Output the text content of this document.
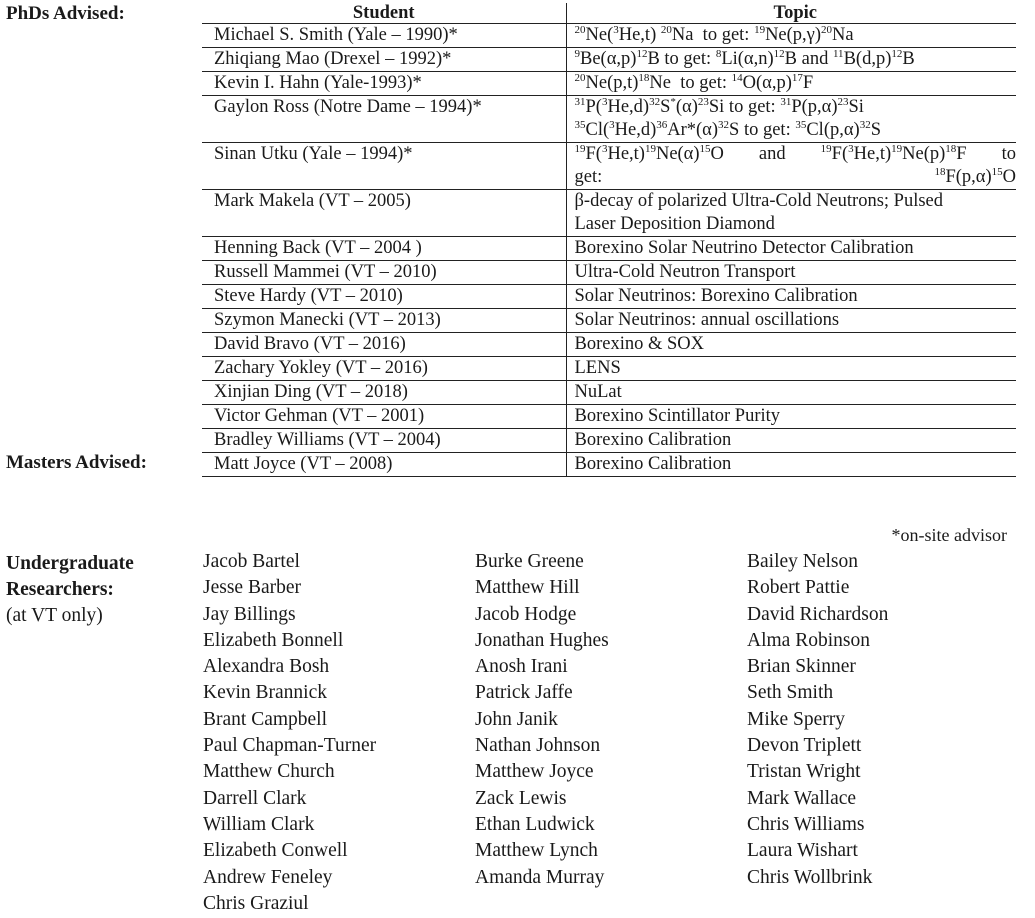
PhDs Advised:
Masters Advised:
Student	Topic
Michael S. Smith (Yale – 1990)*	$^{20}$Ne($^3$He,t) $^{20}$Na  to get: $^{19}Ne(p,\gamma)^{20}Na$
Zhiqiang Mao (Drexel – 1992)*	$^9Be(\alpha,p)^{12}B$ to get: $^8Li(\alpha,n)^{12}B$ and $^{11}B(d,p)^{12}B$
Kevin I. Hahn (Yale-1993)*	$^{20}Ne(p,t)^{18}Ne$  to get: $^{14}O(\alpha,p)^{17}F$
Gaylon Ross (Notre Dame – 1994)*	$^{31}P(^3He,d)^{32}S^*(\alpha)^{23}Si$ to get: $^{31}P(p,\alpha)^{23}Si$
$^{35}Cl(^3He,d)^{36}Ar*(\alpha)^{32}S$ to get: $^{35}Cl(p,\alpha)^{32}S$
Sinan Utku (Yale – 1994)*	$^{19}F(^3He,t)^{19}Ne(\alpha)^{15}O$  and  $^{19}F(^3He,t)^{19}Ne(p)^{18}F$  to
get: $^{18}F(p,\alpha)^{15}O$

Mark Makela (VT – 2005)	β-decay of polarized Ultra-Cold Neutrons; Pulsed
Laser Deposition Diamond
Henning Back (VT – 2004 )	Borexino Solar Neutrino Detector Calibration
Russell Mammei (VT – 2010)	Ultra-Cold Neutron Transport
Steve Hardy (VT – 2010)	Solar Neutrinos: Borexino Calibration
Szymon Manecki (VT – 2013)	Solar Neutrinos: annual oscillations
David Bravo (VT – 2016)	Borexino & SOX
Zachary Yokley (VT – 2016)	LENS
Xinjian Ding (VT – 2018)	NuLat
Victor Gehman (VT – 2001)	Borexino Scintillator Purity
Bradley Williams (VT – 2004)	Borexino Calibration
Matt Joyce (VT – 2008)	Borexino Calibration
*on-site advisor
Undergraduate
Researchers:
(at VT only)
Jacob Bartel
Jesse Barber
Jay Billings
Elizabeth Bonnell
Alexandra Bosh
Kevin Brannick
Brant Campbell
Paul Chapman-Turner
Matthew Church
Darrell Clark
William Clark
Elizabeth Conwell
Andrew Feneley
Chris Graziul
Burke Greene
Matthew Hill
Jacob Hodge
Jonathan Hughes
Anosh Irani
Patrick Jaffe
John Janik
Nathan Johnson
Matthew Joyce
Zack Lewis
Ethan Ludwick
Matthew Lynch
Amanda Murray
Bailey Nelson
Robert Pattie
David Richardson
Alma Robinson
Brian Skinner
Seth Smith
Mike Sperry
Devon Triplett
Tristan Wright
Mark Wallace
Chris Williams
Laura Wishart
Chris Wollbrink
